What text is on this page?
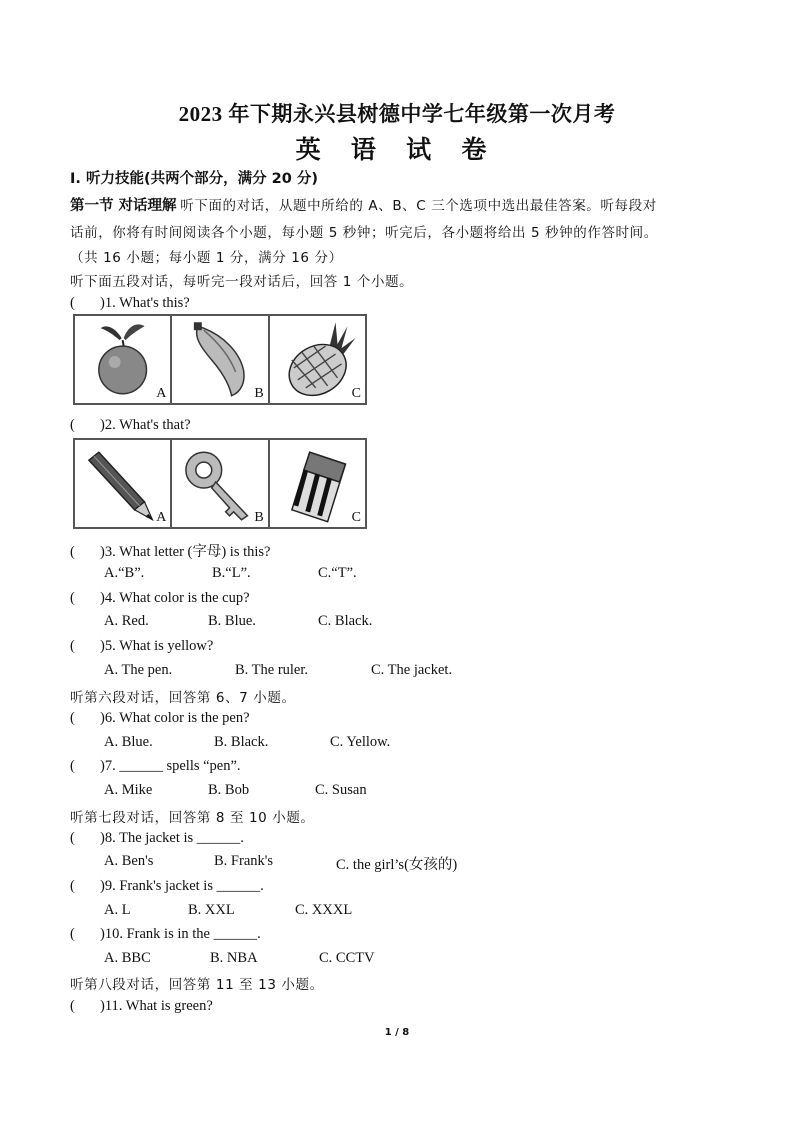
2023 年下期永兴县树德中学七年级第一次月考
英 语 试 卷
Ⅰ. 听力技能(共两个部分，满分 20 分)
第一节 对话理解 听下面的对话，从题中所给的 A、B、C 三个选项中选出最佳答案。听每段对
话前，你将有时间阅读各个小题，每小题 5 秒钟；听完后，各小题将给出 5 秒钟的作答时间。
（共 16 小题；每小题 1 分，满分 16 分）
听下面五段对话，每听完一段对话后，回答 1 个小题。
( )1. What's this?
A	B	C
( )2. What's that?
A	B	C
( )3. What letter (字母) is this?
A.“B”.	B.“L”.	C.“T”.
( )4. What color is the cup?
A. Red.	B. Blue.	C. Black.
( )5. What is yellow?
A. The pen.	B. The ruler.	C. The jacket.
听第六段对话，回答第 6、7 小题。
( )6. What color is the pen?
A. Blue.	B. Black.	C. Yellow.
( )7. ______ spells “pen”.
A. Mike	B. Bob	C. Susan
听第七段对话，回答第 8 至 10 小题。
( )8. The jacket is ______.
A. Ben's	B. Frank's	C. the girl’s(女孩的)
( )9. Frank's jacket is ______.
A. L	B. XXL	C. XXXL
( )10. Frank is in the ______.
A. BBC	B. NBA	C. CCTV
听第八段对话，回答第 11 至 13 小题。
( )11. What is green?
1 / 8
